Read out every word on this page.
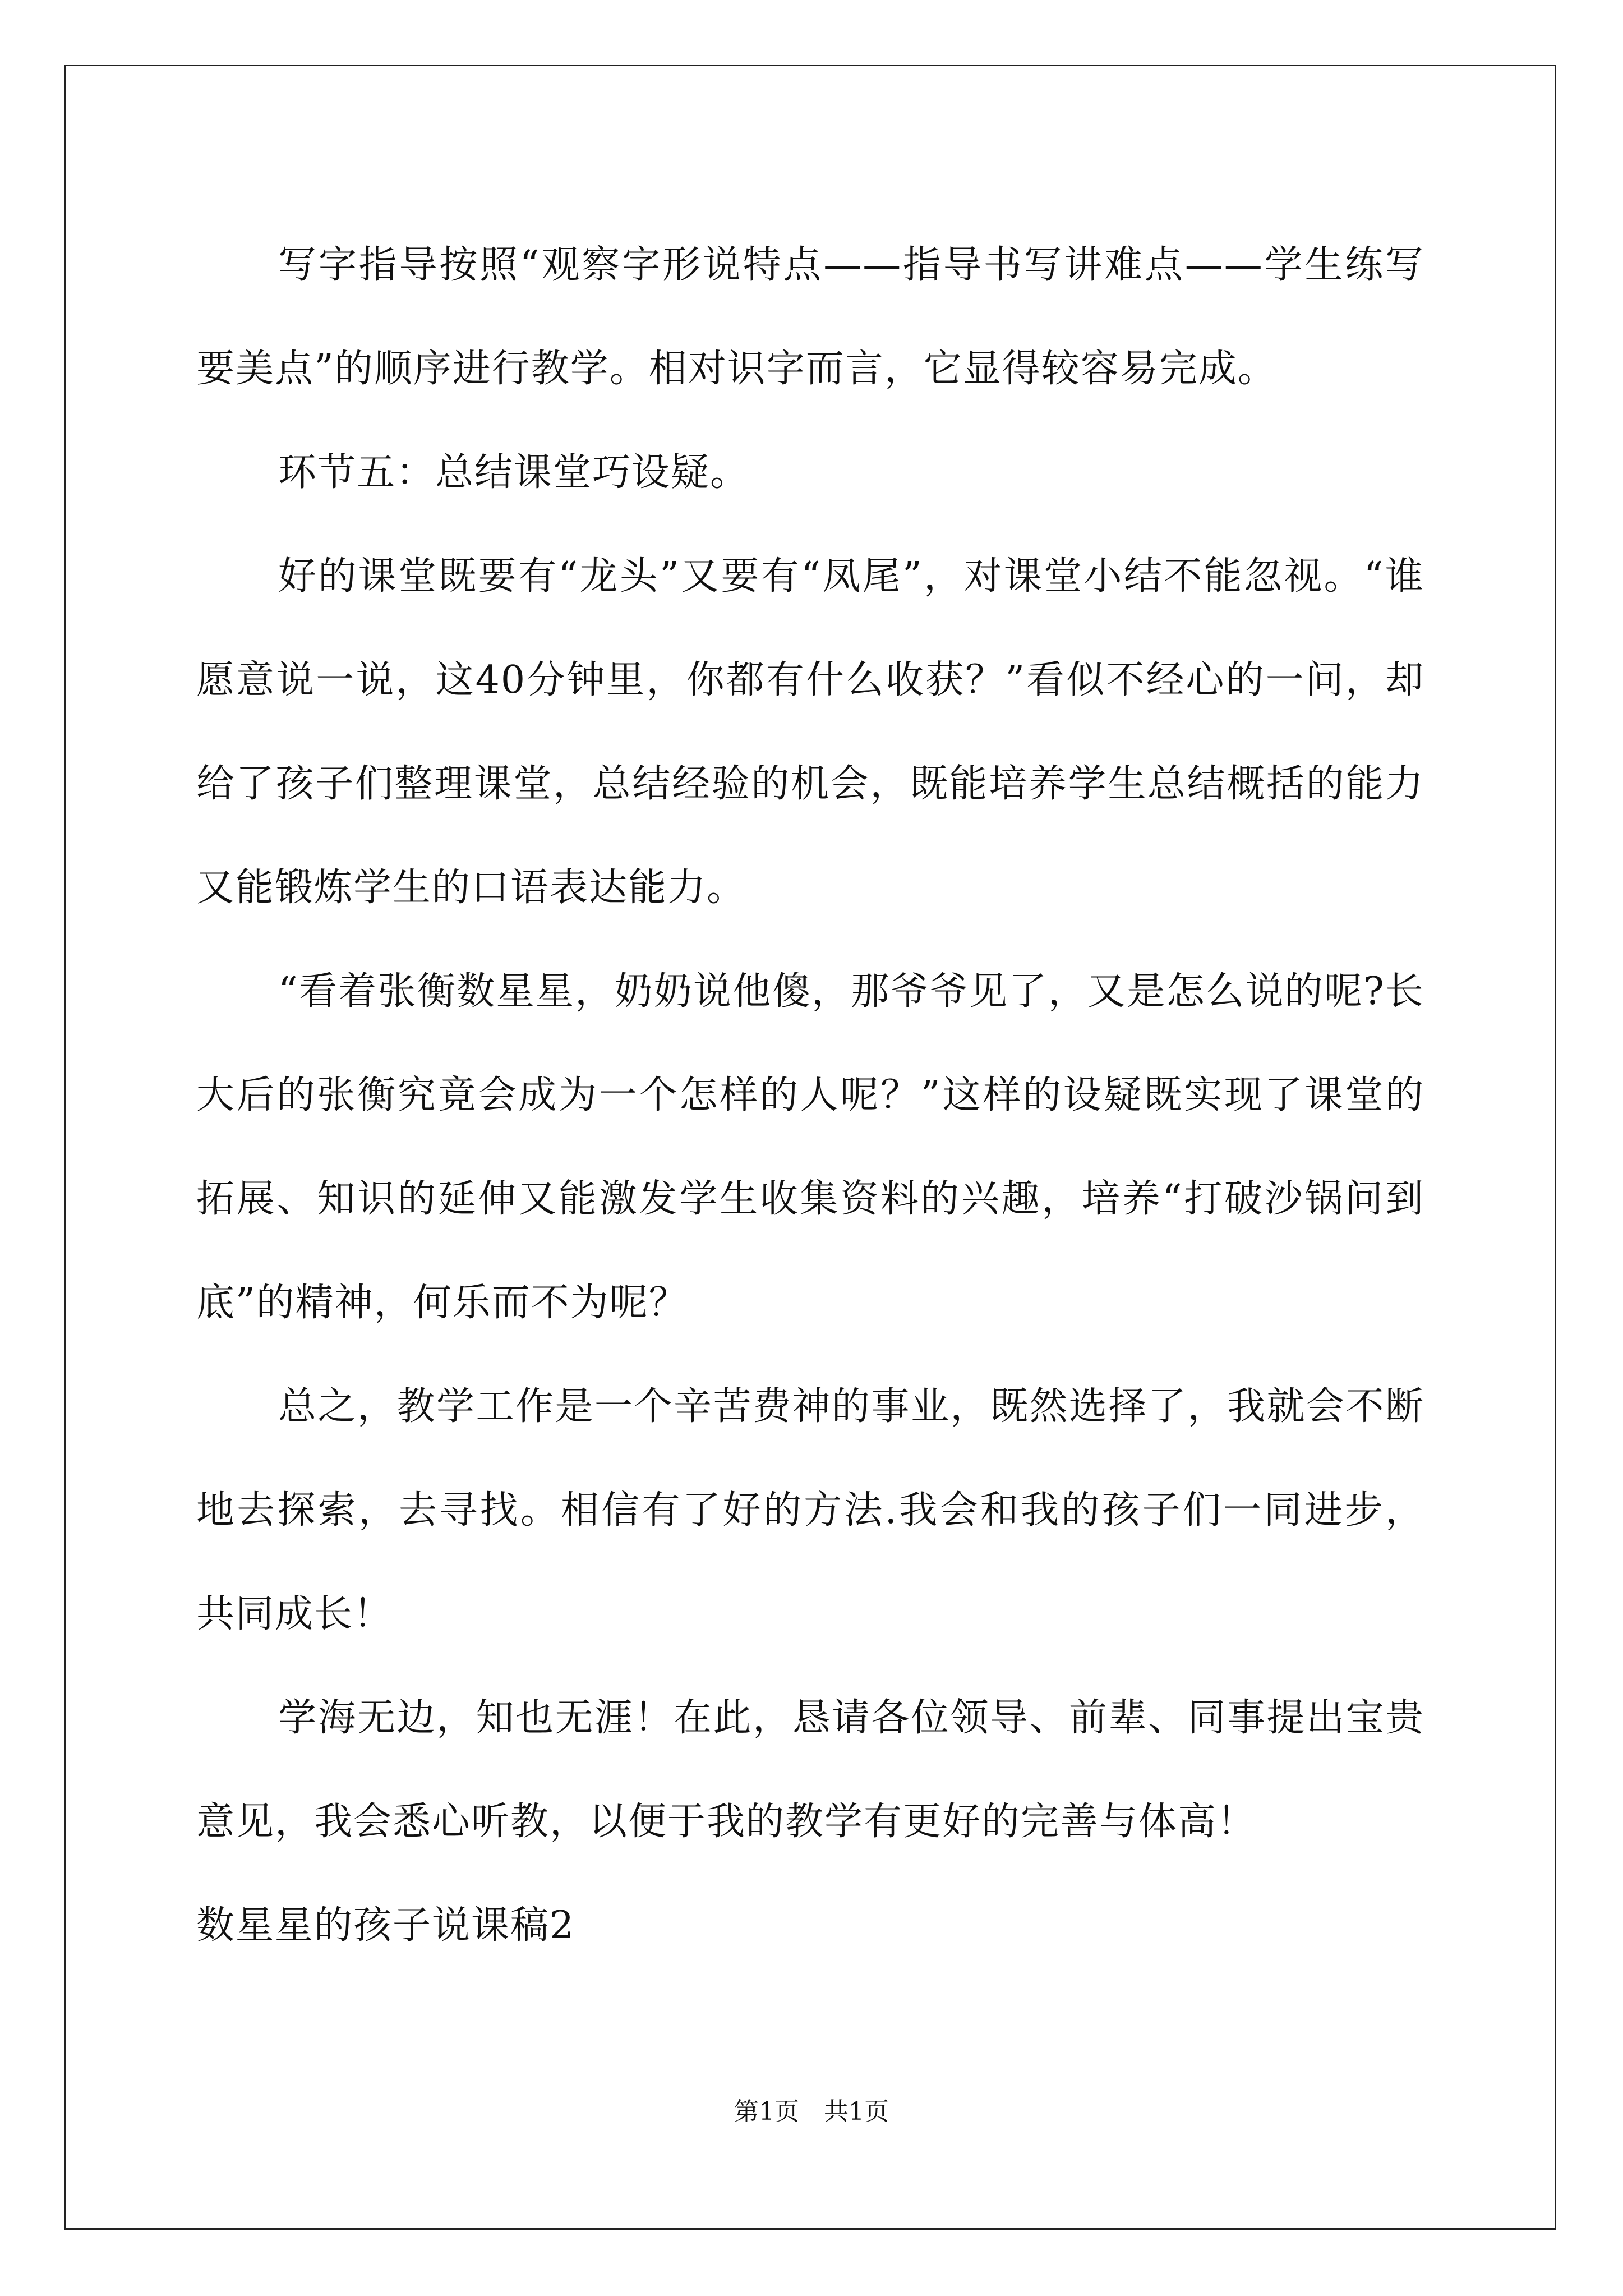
写字指导按照“观察字形说特点——指导书写讲难点——学生练写要美点”的顺序进行教学。相对识字而言，它显得较容易完成。

环节五：总结课堂巧设疑。

好的课堂既要有“龙头”又要有“凤尾”，对课堂小结不能忽视。“谁愿意说一说，这40分钟里，你都有什么收获？”看似不经心的一问，却给了孩子们整理课堂，总结经验的机会，既能培养学生总结概括的能力又能锻炼学生的口语表达能力。

“看着张衡数星星，奶奶说他傻，那爷爷见了，又是怎么说的呢?长大后的张衡究竟会成为一个怎样的人呢？”这样的设疑既实现了课堂的拓展、知识的延伸又能激发学生收集资料的兴趣，培养“打破沙锅问到底”的精神，何乐而不为呢？

总之，教学工作是一个辛苦费神的事业，既然选择了，我就会不断地去探索，去寻找。相信有了好的方法.我会和我的孩子们一同进步，共同成长！

学海无边，知也无涯！在此，恳请各位领导、前辈、同事提出宝贵意见，我会悉心听教，以便于我的教学有更好的完善与体高！

数星星的孩子说课稿2

第1页　共1页
